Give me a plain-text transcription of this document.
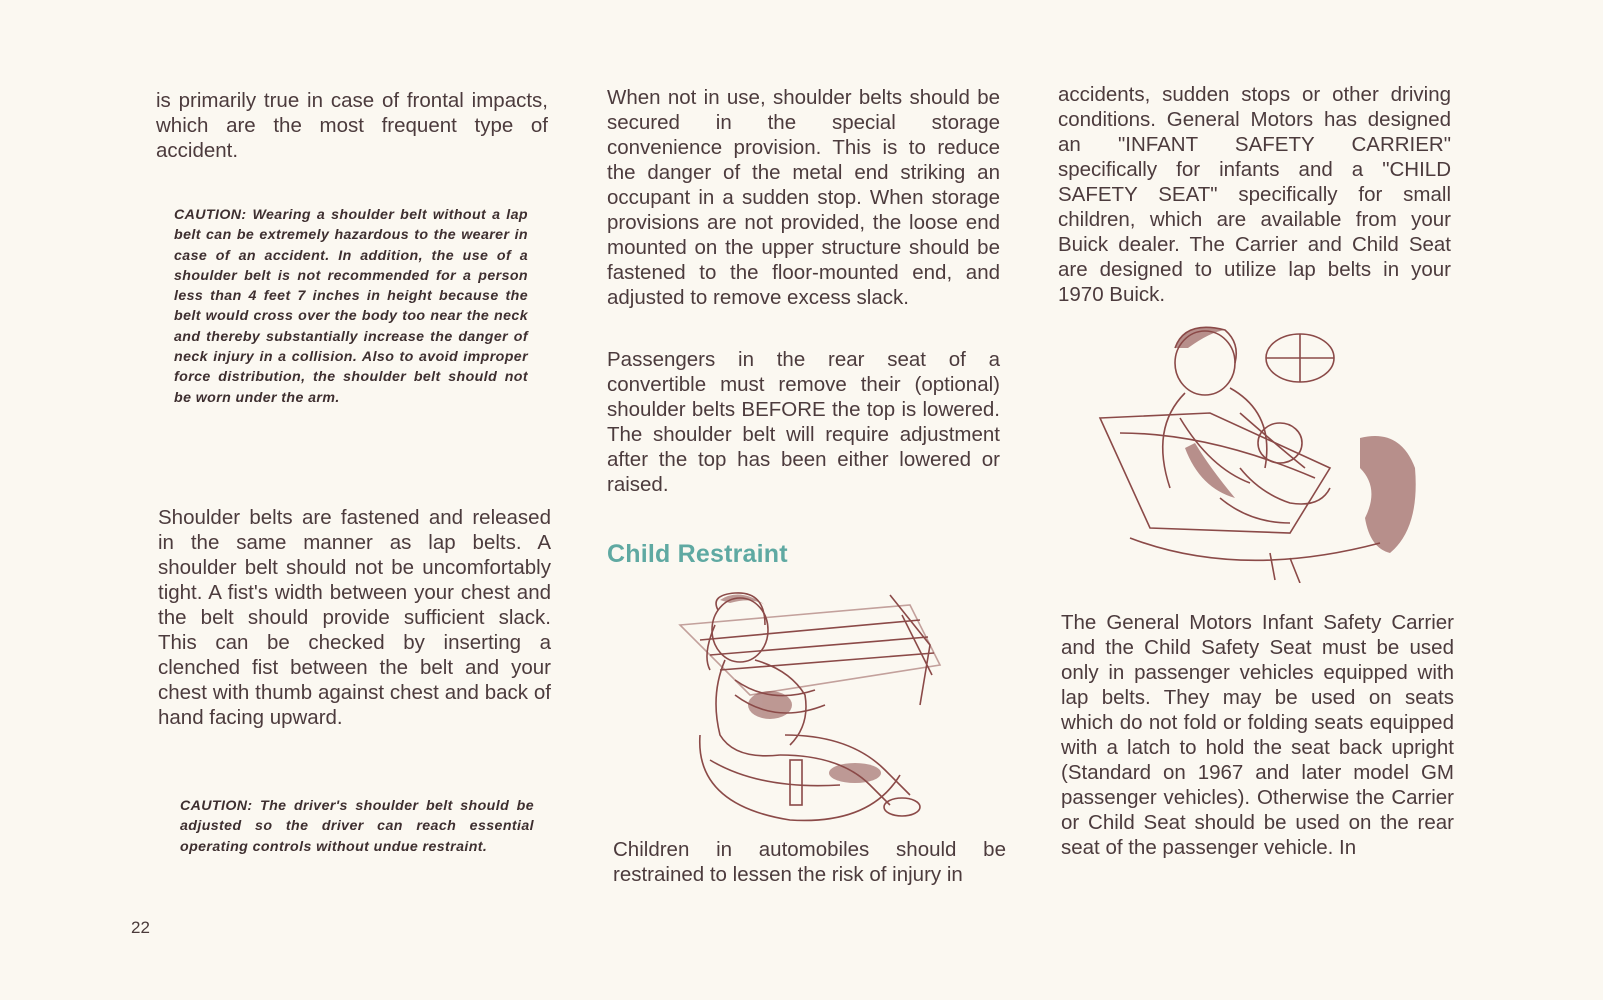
is primarily true in case of frontal impacts, which are the most frequent type of accident.

CAUTION: Wearing a shoulder belt without a lap belt can be extremely hazardous to the wearer in case of an accident. In addition, the use of a shoulder belt is not recommended for a person less than 4 feet 7 inches in height because the belt would cross over the body too near the neck and thereby substantially increase the danger of neck injury in a collision. Also to avoid improper force distribution, the shoulder belt should not be worn under the arm.

Shoulder belts are fastened and released in the same manner as lap belts. A shoulder belt should not be uncomfortably tight. A fist's width between your chest and the belt should provide sufficient slack. This can be checked by inserting a clenched fist between the belt and your chest with thumb against chest and back of hand facing upward.

CAUTION: The driver's shoulder belt should be adjusted so the driver can reach essential operating controls without undue restraint.

22

When not in use, shoulder belts should be secured in the special storage convenience provision. This is to reduce the danger of the metal end striking an occupant in a sudden stop. When storage provisions are not provided, the loose end mounted on the upper structure should be fastened to the floor-mounted end, and adjusted to remove excess slack.

Passengers in the rear seat of a convertible must remove their (optional) shoulder belts BEFORE the top is lowered. The shoulder belt will require adjustment after the top has been either lowered or raised.

Child Restraint

Children in automobiles should be restrained to lessen the risk of injury in

accidents, sudden stops or other driving conditions. General Motors has designed an "INFANT SAFETY CARRIER" specifically for infants and a "CHILD SAFETY SEAT" specifically for small children, which are available from your Buick dealer. The Carrier and Child Seat are designed to utilize lap belts in your 1970 Buick.

The General Motors Infant Safety Carrier and the Child Safety Seat must be used only in passenger vehicles equipped with lap belts. They may be used on seats which do not fold or folding seats equipped with a latch to hold the seat back upright (Standard on 1967 and later model GM passenger vehicles). Otherwise the Carrier or Child Seat should be used on the rear seat of the passenger vehicle. In
